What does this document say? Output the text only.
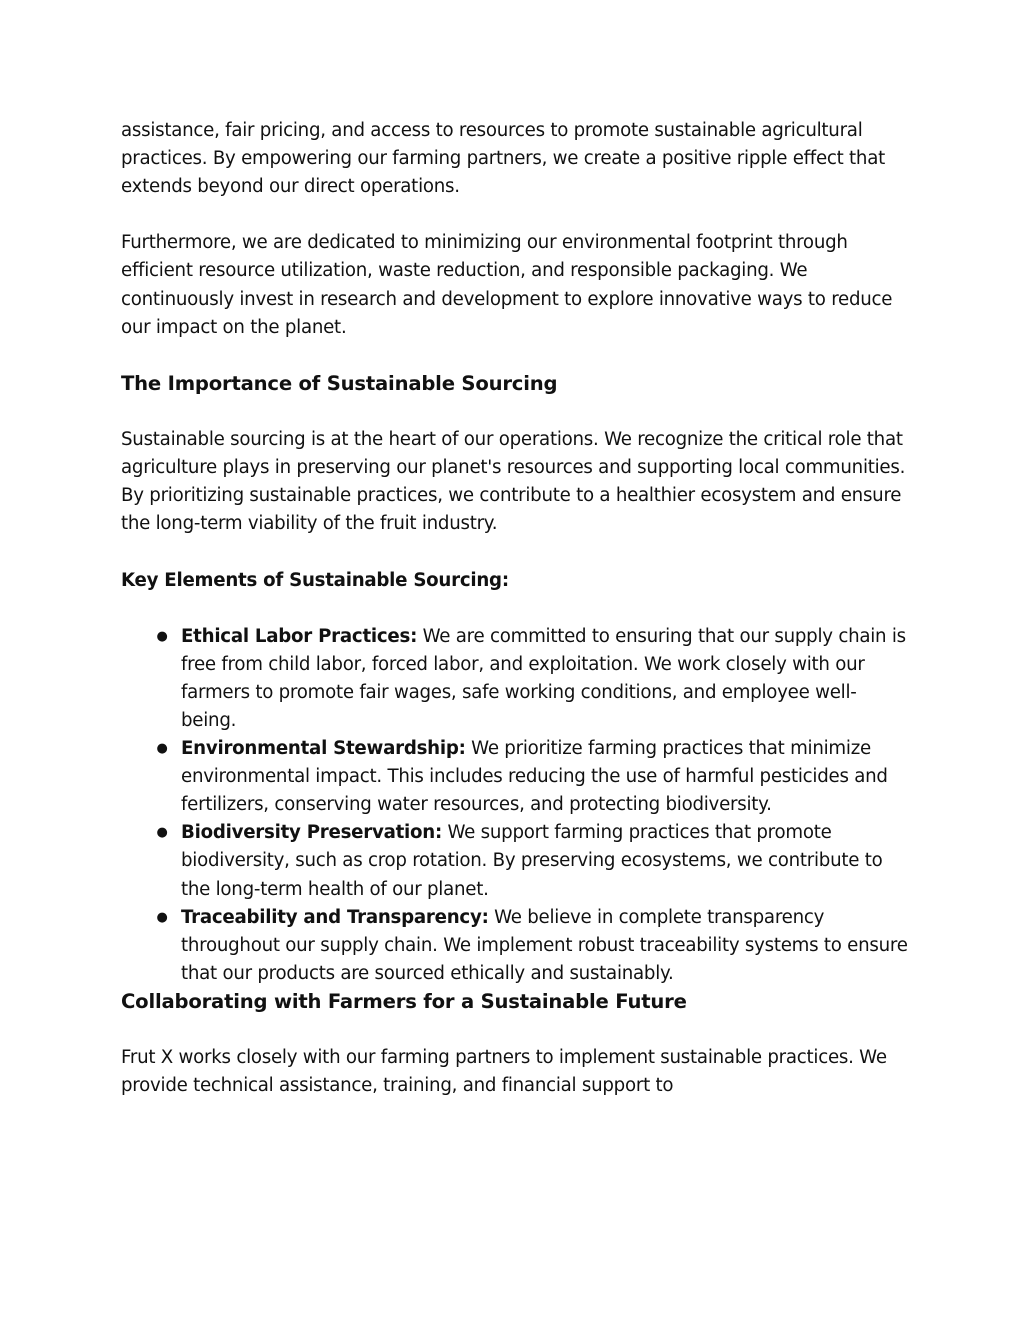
assistance, fair pricing, and access to resources to promote sustainable agricultural practices. By empowering our farming partners, we create a positive ripple effect that extends beyond our direct operations.

Furthermore, we are dedicated to minimizing our environmental footprint through efficient resource utilization, waste reduction, and responsible packaging. We continuously invest in research and development to explore innovative ways to reduce our impact on the planet.

The Importance of Sustainable Sourcing

Sustainable sourcing is at the heart of our operations. We recognize the critical role that agriculture plays in preserving our planet's resources and supporting local communities. By prioritizing sustainable practices, we contribute to a healthier ecosystem and ensure the long-term viability of the fruit industry.

Key Elements of Sustainable Sourcing:
● Ethical Labor Practices: We are committed to ensuring that our supply chain is free from child labor, forced labor, and exploitation. We work closely with our farmers to promote fair wages, safe working conditions, and employee well-being.
● Environmental Stewardship: We prioritize farming practices that minimize environmental impact. This includes reducing the use of harmful pesticides and fertilizers, conserving water resources, and protecting biodiversity.
● Biodiversity Preservation: We support farming practices that promote biodiversity, such as crop rotation. By preserving ecosystems, we contribute to the long-term health of our planet.
● Traceability and Transparency: We believe in complete transparency throughout our supply chain. We implement robust traceability systems to ensure that our products are sourced ethically and sustainably.
Collaborating with Farmers for a Sustainable Future

Frut X works closely with our farming partners to implement sustainable practices. We provide technical assistance, training, and financial support to
